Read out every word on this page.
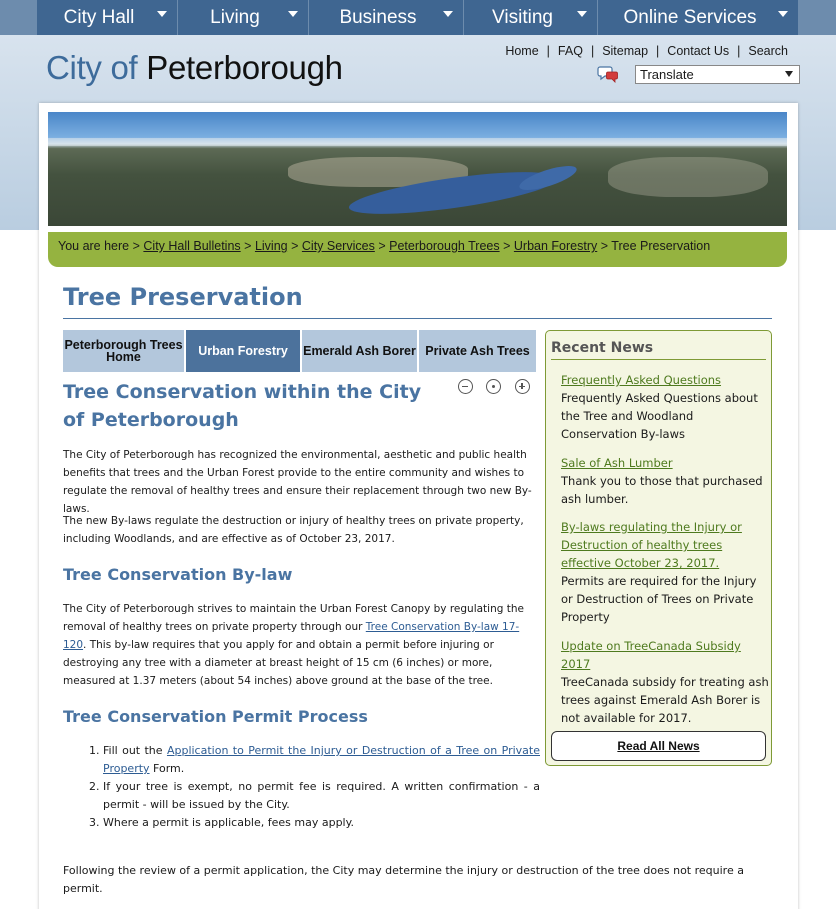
City Hall	Living	Business	Visiting	Online Services
City of Peterborough	Home | FAQ | Sitemap | Contact Us | Search
Translate
You are here > City Hall Bulletins > Living > City Services > Peterborough Trees > Urban Forestry > Tree Preservation
Tree Preservation
Peterborough Trees Home	Urban Forestry	Emerald Ash Borer Private Ash Trees
Tree Conservation within the City of Peterborough
The City of Peterborough has recognized the environmental, aesthetic and public health benefits that trees and the Urban Forest provide to the entire community and wishes to regulate the removal of healthy trees and ensure their replacement through two new By-laws.
The new By-laws regulate the destruction or injury of healthy trees on private property, including Woodlands, and are effective as of October 23, 2017.
Tree Conservation By-law
The City of Peterborough strives to maintain the Urban Forest Canopy by regulating the removal of healthy trees on private property through our Tree Conservation By-law 17-120. This by-law requires that you apply for and obtain a permit before injuring or destroying any tree with a diameter at breast height of 15 cm (6 inches) or more, measured at 1.37 meters (about 54 inches) above ground at the base of the tree.
Tree Conservation Permit Process
1. Fill out the Application to Permit the Injury or Destruction of a Tree on Private Property Form.
2. If your tree is exempt, no permit fee is required. A written confirmation - a permit - will be issued by the City.
3. Where a permit is applicable, fees may apply.
Following the review of a permit application, the City may determine the injury or destruction of the tree does not require a permit.
Recent News
Frequently Asked Questions
Frequently Asked Questions about the Tree and Woodland Conservation By-laws
Sale of Ash Lumber
Thank you to those that purchased ash lumber.
By-laws regulating the Injury or Destruction of healthy trees effective October 23, 2017.
Permits are required for the Injury or Destruction of Trees on Private Property
Update on TreeCanada Subsidy 2017
TreeCanada subsidy for treating ash trees against Emerald Ash Borer is not available for 2017.
Read All News
